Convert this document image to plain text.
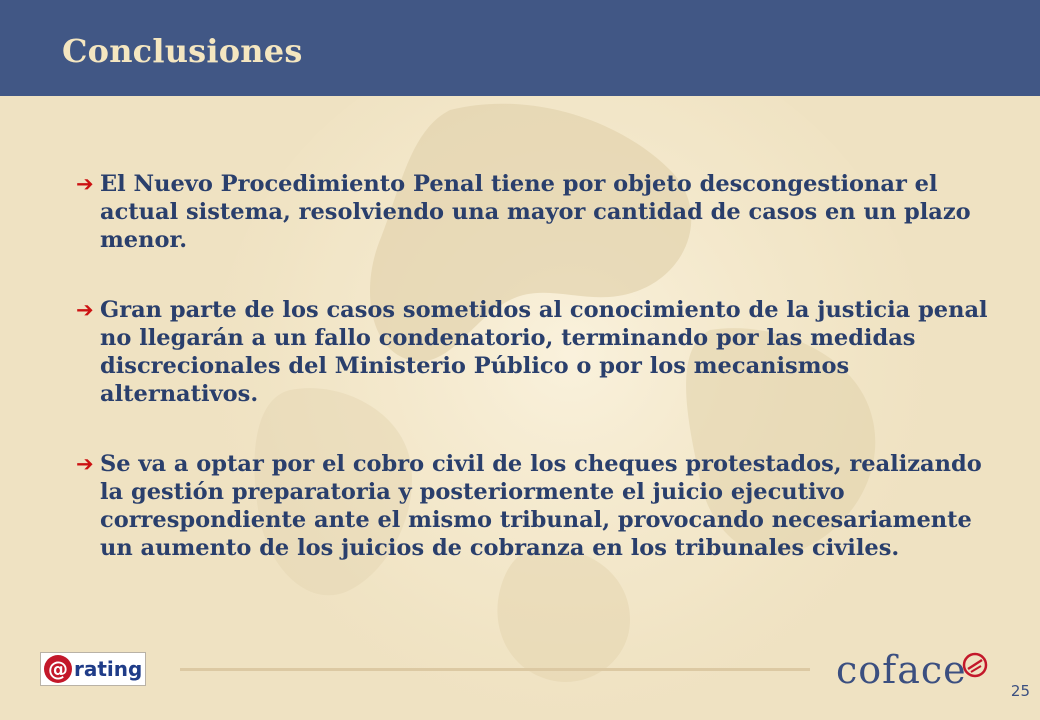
Conclusiones
➔ El Nuevo Procedimiento Penal tiene por objeto descongestionar el actual sistema, resolviendo una mayor cantidad de casos en un plazo menor.
➔ Gran parte de los casos sometidos al conocimiento de la justicia penal no llegarán a un fallo condenatorio, terminando por las medidas discrecionales del Ministerio Público o por los mecanismos alternativos.
➔ Se va a optar por el cobro civil de los cheques protestados, realizando la gestión preparatoria y posteriormente el juicio ejecutivo correspondiente ante el mismo tribunal, provocando necesariamente un aumento de los juicios de cobranza en los tribunales civiles.
@ rating	coface	25
